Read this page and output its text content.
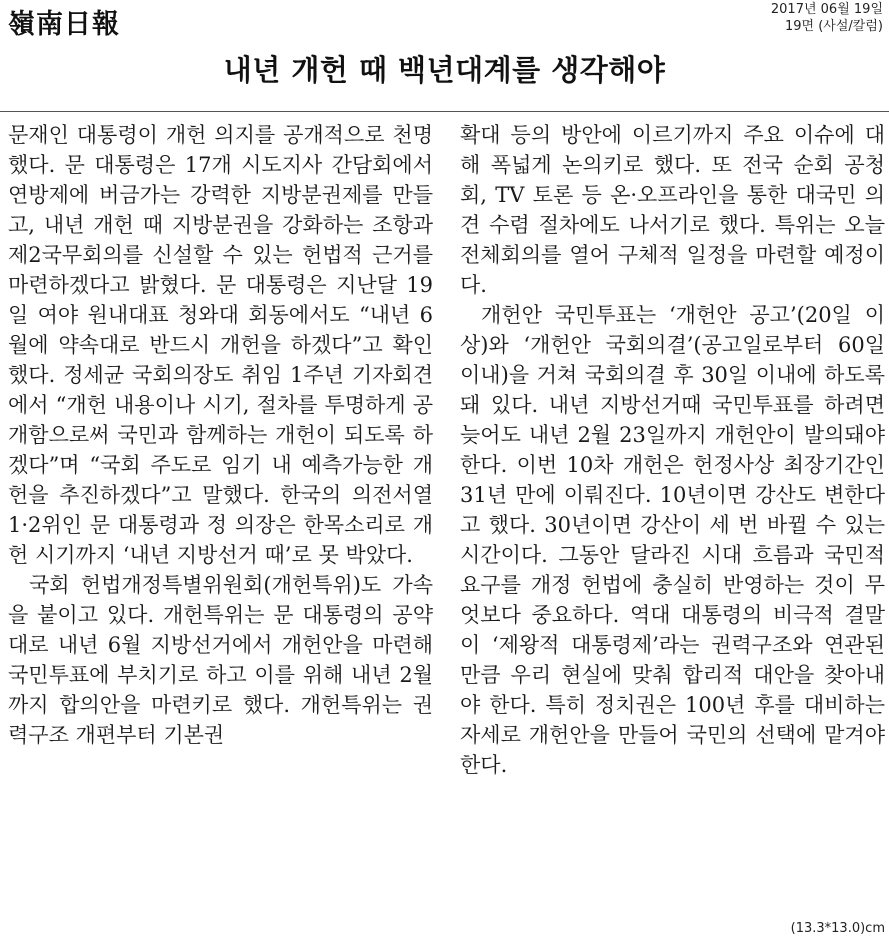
嶺南日報	2017년 06월 19일
19면 (사설/칼럼)
내년 개헌 때 백년대계를 생각해야

문재인 대통령이 개헌 의지를 공개적으로 천명했다. 문 대통령은 17개 시도지사 간담회에서 연방제에 버금가는 강력한 지방분권제를 만들고, 내년 개헌 때 지방분권을 강화하는 조항과 제2국무회의를 신설할 수 있는 헌법적 근거를 마련하겠다고 밝혔다. 문 대통령은 지난달 19일 여야 원내대표 청와대 회동에서도 “내년 6월에 약속대로 반드시 개헌을 하겠다”고 확인했다. 정세균 국회의장도 취임 1주년 기자회견에서 “개헌 내용이나 시기, 절차를 투명하게 공개함으로써 국민과 함께하는 개헌이 되도록 하겠다”며 “국회 주도로 임기 내 예측가능한 개헌을 추진하겠다”고 말했다. 한국의 의전서열 1·2위인 문 대통령과 정 의장은 한목소리로 개헌 시기까지 ‘내년 지방선거 때’로 못 박았다.

국회 헌법개정특별위원회(개헌특위)도 가속을 붙이고 있다. 개헌특위는 문 대통령의 공약대로 내년 6월 지방선거에서 개헌안을 마련해 국민투표에 부치기로 하고 이를 위해 내년 2월까지 합의안을 마련키로 했다. 개헌특위는 권력구조 개편부터 기본권

확대 등의 방안에 이르기까지 주요 이슈에 대해 폭넓게 논의키로 했다. 또 전국 순회 공청회, TV 토론 등 온·오프라인을 통한 대국민 의견 수렴 절차에도 나서기로 했다. 특위는 오늘 전체회의를 열어 구체적 일정을 마련할 예정이다.

개헌안 국민투표는 ‘개헌안 공고’(20일 이상)와 ‘개헌안 국회의결’(공고일로부터 60일 이내)을 거쳐 국회의결 후 30일 이내에 하도록 돼 있다. 내년 지방선거때 국민투표를 하려면 늦어도 내년 2월 23일까지 개헌안이 발의돼야 한다. 이번 10차 개헌은 헌정사상 최장기간인 31년 만에 이뤄진다. 10년이면 강산도 변한다고 했다. 30년이면 강산이 세 번 바뀔 수 있는 시간이다. 그동안 달라진 시대 흐름과 국민적 요구를 개정 헌법에 충실히 반영하는 것이 무엇보다 중요하다. 역대 대통령의 비극적 결말이 ‘제왕적 대통령제’라는 권력구조와 연관된 만큼 우리 현실에 맞춰 합리적 대안을 찾아내야 한다. 특히 정치권은 100년 후를 대비하는 자세로 개헌안을 만들어 국민의 선택에 맡겨야 한다.

(13.3*13.0)cm
